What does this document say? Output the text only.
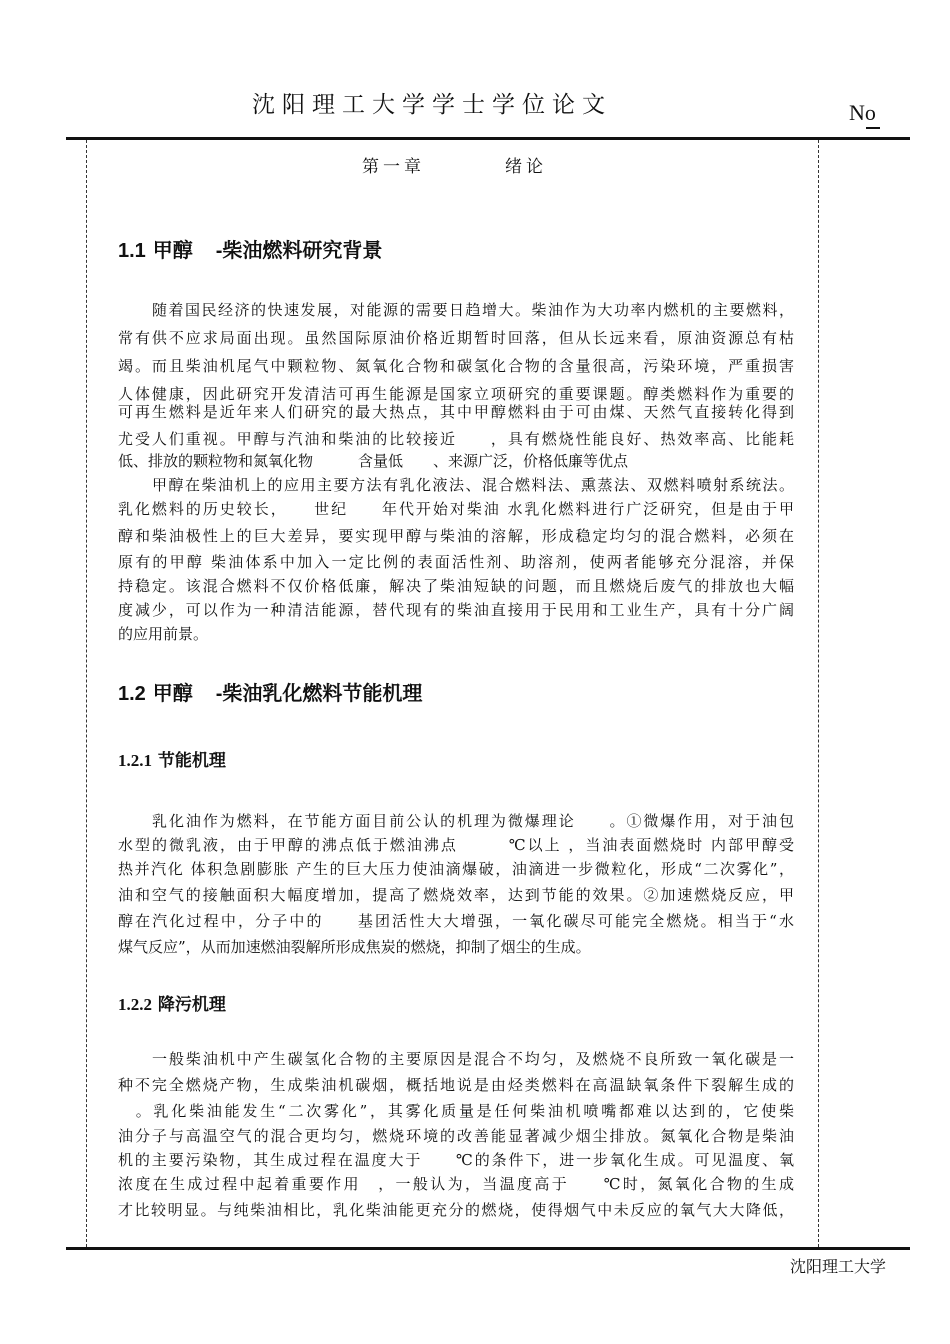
沈阳理工大学学士学位论文	No
第一章	绪论
1.1 甲醇 -柴油燃料研究背景
随着国民经济的快速发展，对能源的需要日趋增大。柴油作为大功率内燃机的主要燃料，
常有供不应求局面出现。虽然国际原油价格近期暂时回落，但从长远来看，原油资源总有枯
竭。而且柴油机尾气中颗粒物、氮氧化合物和碳氢化合物的含量很高，污染环境，严重损害
人体健康，因此研究开发清洁可再生能源是国家立项研究的重要课题。醇类燃料作为重要的
可再生燃料是近年来人们研究的最大热点，其中甲醇燃料由于可由煤、天然气直接转化得到
尤受人们重视。甲醇与汽油和柴油的比较接近　　，具有燃烧性能良好、热效率高、比能耗
低、排放的颗粒物和氮氧化物　　　含量低　　、来源广泛，价格低廉等优点
甲醇在柴油机上的应用主要方法有乳化液法、混合燃料法、熏蒸法、双燃料喷射系统法。
乳化燃料的历史较长，　　世纪　　年代开始对柴油 水乳化燃料进行广泛研究，但是由于甲
醇和柴油极性上的巨大差异，要实现甲醇与柴油的溶解，形成稳定均匀的混合燃料，必须在
原有的甲醇 柴油体系中加入一定比例的表面活性剂、助溶剂，使两者能够充分混溶，并保
持稳定。该混合燃料不仅价格低廉，解决了柴油短缺的问题，而且燃烧后废气的排放也大幅
度减少，可以作为一种清洁能源，替代现有的柴油直接用于民用和工业生产，具有十分广阔
的应用前景。
1.2 甲醇 -柴油乳化燃料节能机理
1.2.1 节能机理
乳化油作为燃料，在节能方面目前公认的机理为微爆理论　　。①微爆作用，对于油包
水型的微乳液，由于甲醇的沸点低于燃油沸点　　　℃以上 ，当油表面燃烧时 内部甲醇受
热并汽化 体积急剧膨胀 产生的巨大压力使油滴爆破，油滴进一步微粒化，形成“二次雾化”，
油和空气的接触面积大幅度增加，提高了燃烧效率，达到节能的效果。②加速燃烧反应，甲
醇在汽化过程中，分子中的　　基团活性大大增强，一氧化碳尽可能完全燃烧。相当于“水
煤气反应”，从而加速燃油裂解所形成焦炭的燃烧，抑制了烟尘的生成。
1.2.2 降污机理
一般柴油机中产生碳氢化合物的主要原因是混合不均匀，及燃烧不良所致一氧化碳是一
种不完全燃烧产物，生成柴油机碳烟，概括地说是由烃类燃料在高温缺氧条件下裂解生成的
　。乳化柴油能发生“二次雾化”，其雾化质量是任何柴油机喷嘴都难以达到的，它使柴
油分子与高温空气的混合更均匀，燃烧环境的改善能显著减少烟尘排放。氮氧化合物是柴油
机的主要污染物，其生成过程在温度大于　　℃的条件下，进一步氧化生成。可见温度、氧
浓度在生成过程中起着重要作用　，一般认为，当温度高于　　℃时，氮氧化合物的生成
才比较明显。与纯柴油相比，乳化柴油能更充分的燃烧，使得烟气中未反应的氧气大大降低，
沈阳理工大学
